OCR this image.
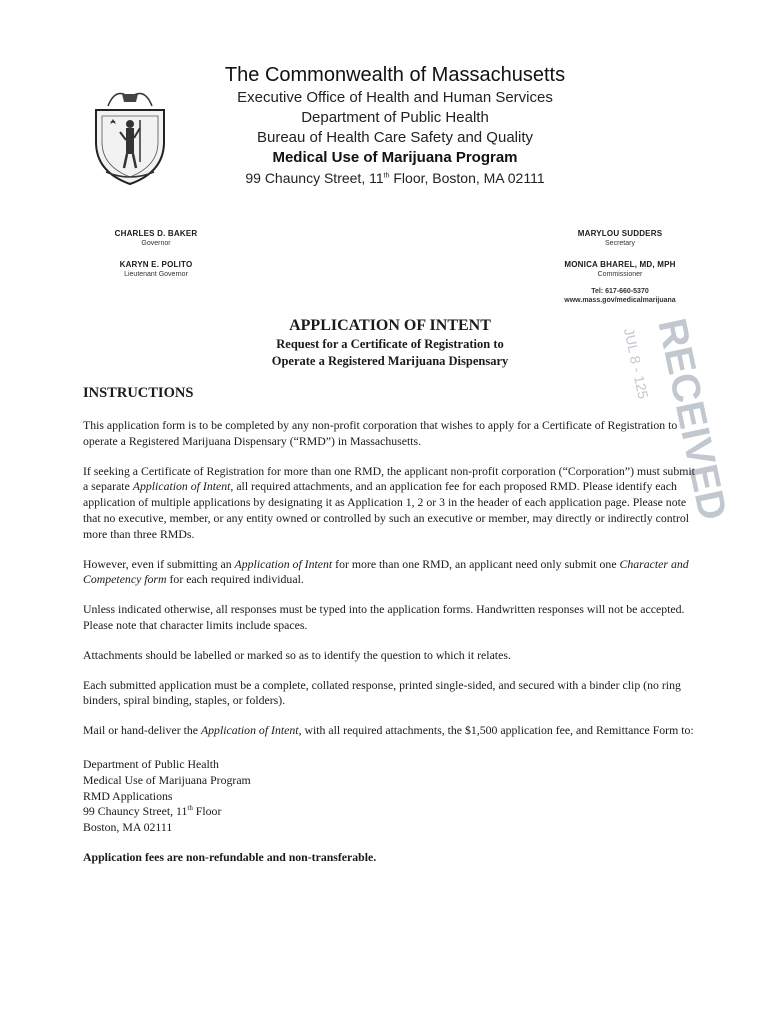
The Commonwealth of Massachusetts
Executive Office of Health and Human Services
Department of Public Health
Bureau of Health Care Safety and Quality
Medical Use of Marijuana Program
99 Chauncy Street, 11th Floor, Boston, MA 02111
CHARLES D. BAKER
Governor
KARYN E. POLITO
Lieutenant Governor
MARYLOU SUDDERS
Secretary
MONICA BHAREL, MD, MPH
Commissioner
Tel: 617-660-5370
www.mass.gov/medicalmarijuana
RECEIVED
JUL 8 - 125
APPLICATION OF INTENT
Request for a Certificate of Registration to
Operate a Registered Marijuana Dispensary
INSTRUCTIONS

This application form is to be completed by any non-profit corporation that wishes to apply for a Certificate of Registration to operate a Registered Marijuana Dispensary (“RMD”) in Massachusetts.

If seeking a Certificate of Registration for more than one RMD, the applicant non-profit corporation (“Corporation”) must submit a separate Application of Intent, all required attachments, and an application fee for each proposed RMD. Please identify each application of multiple applications by designating it as Application 1, 2 or 3 in the header of each application page. Please note that no executive, member, or any entity owned or controlled by such an executive or member, may directly or indirectly control more than three RMDs.

However, even if submitting an Application of Intent for more than one RMD, an applicant need only submit one Character and Competency form for each required individual.

Unless indicated otherwise, all responses must be typed into the application forms. Handwritten responses will not be accepted. Please note that character limits include spaces.

Attachments should be labelled or marked so as to identify the question to which it relates.

Each submitted application must be a complete, collated response, printed single-sided, and secured with a binder clip (no ring binders, spiral binding, staples, or folders).

Mail or hand-deliver the Application of Intent, with all required attachments, the $1,500 application fee, and Remittance Form to:

Department of Public Health
Medical Use of Marijuana Program
RMD Applications
99 Chauncy Street, 11th Floor
Boston, MA 02111

Application fees are non-refundable and non-transferable.
